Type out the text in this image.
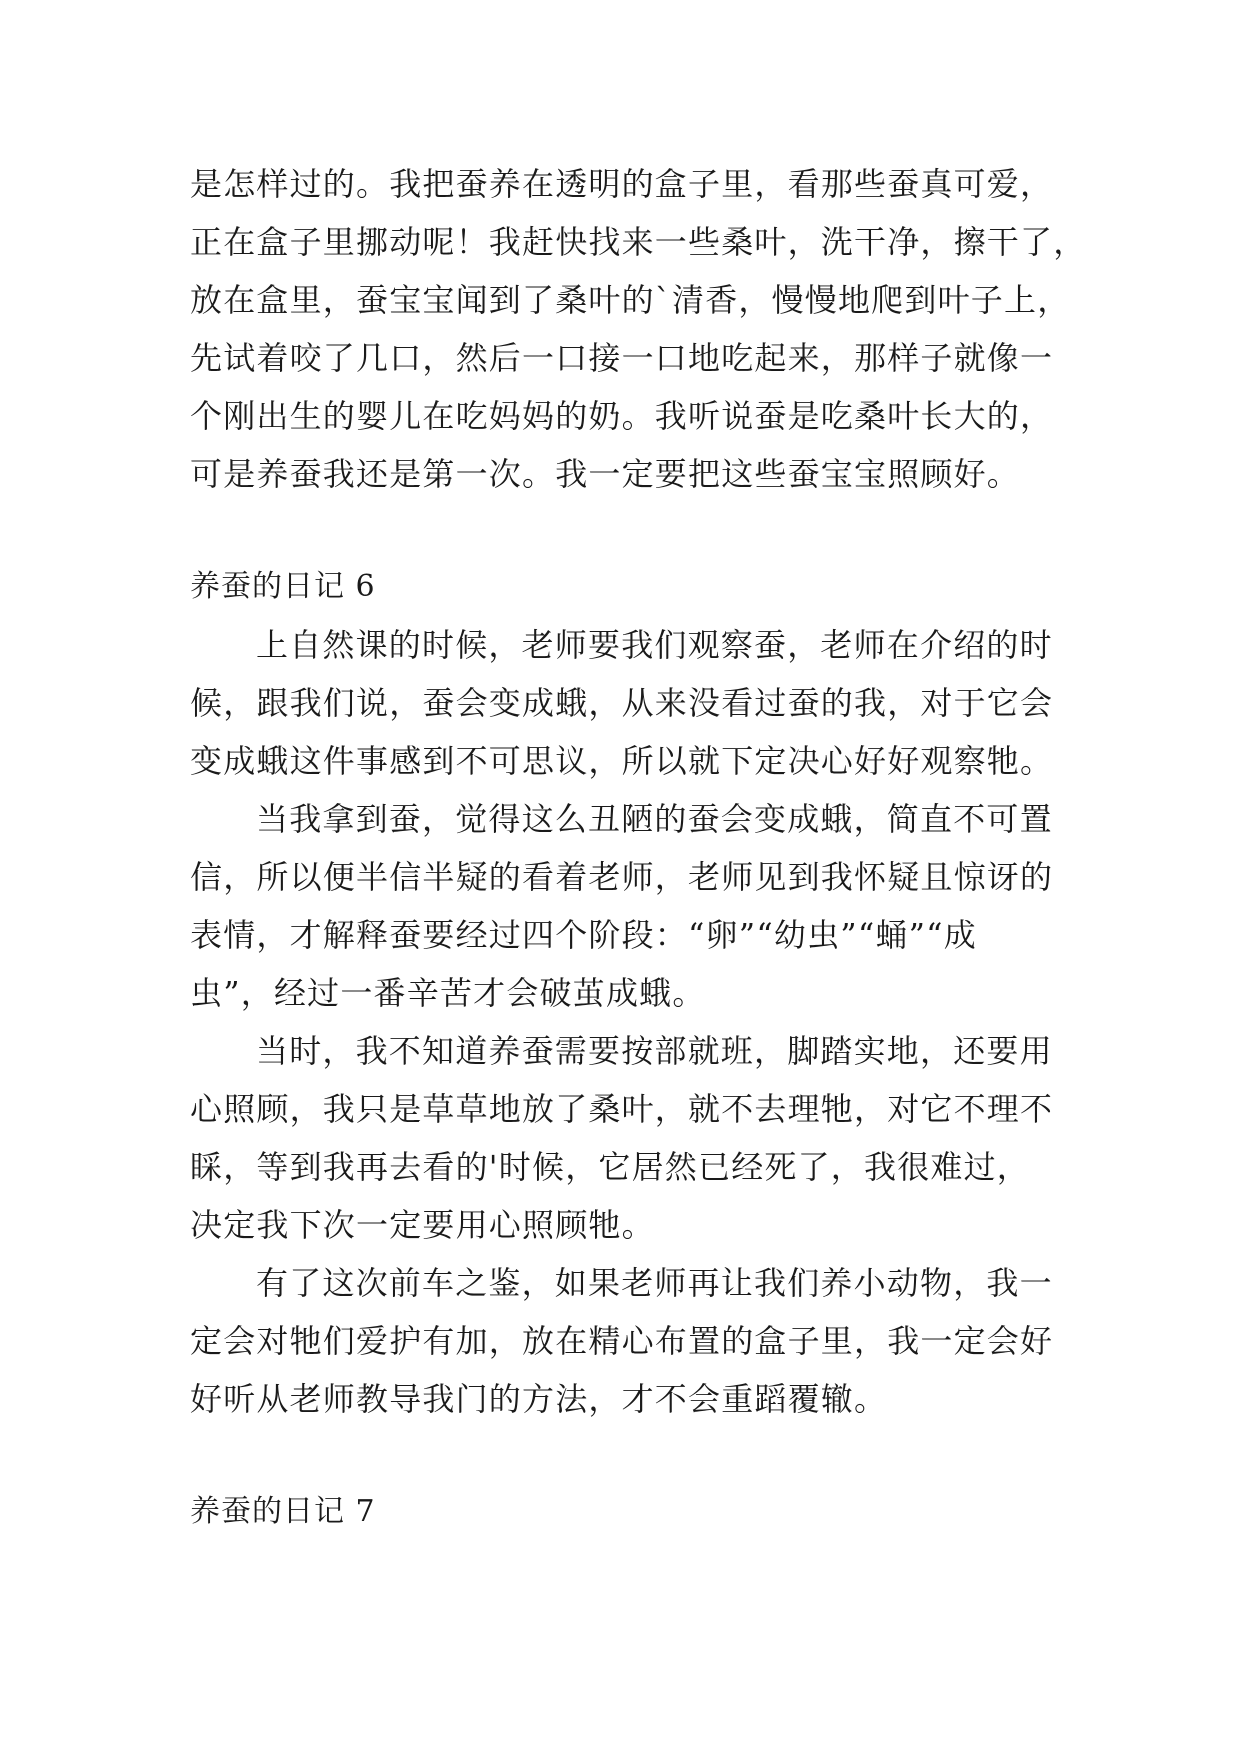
是怎样过的。我把蚕养在透明的盒子里，看那些蚕真可爱，
正在盒子里挪动呢！我赶快找来一些桑叶，洗干净，擦干了，
放在盒里，蚕宝宝闻到了桑叶的`清香，慢慢地爬到叶子上，
先试着咬了几口，然后一口接一口地吃起来，那样子就像一
个刚出生的婴儿在吃妈妈的奶。我听说蚕是吃桑叶长大的，
可是养蚕我还是第一次。我一定要把这些蚕宝宝照顾好。
养蚕的日记 6
上自然课的时候，老师要我们观察蚕，老师在介绍的时
候，跟我们说，蚕会变成蛾，从来没看过蚕的我，对于它会
变成蛾这件事感到不可思议，所以就下定决心好好观察牠。
当我拿到蚕，觉得这么丑陋的蚕会变成蛾，简直不可置
信，所以便半信半疑的看着老师，老师见到我怀疑且惊讶的
表情，才解释蚕要经过四个阶段：“卵”“幼虫”“蛹”“成
虫”，经过一番辛苦才会破茧成蛾。
当时，我不知道养蚕需要按部就班，脚踏实地，还要用
心照顾，我只是草草地放了桑叶，就不去理牠，对它不理不
睬，等到我再去看的'时候，它居然已经死了，我很难过，
决定我下次一定要用心照顾牠。
有了这次前车之鉴，如果老师再让我们养小动物，我一
定会对牠们爱护有加，放在精心布置的盒子里，我一定会好
好听从老师教导我门的方法，才不会重蹈覆辙。
养蚕的日记 7
